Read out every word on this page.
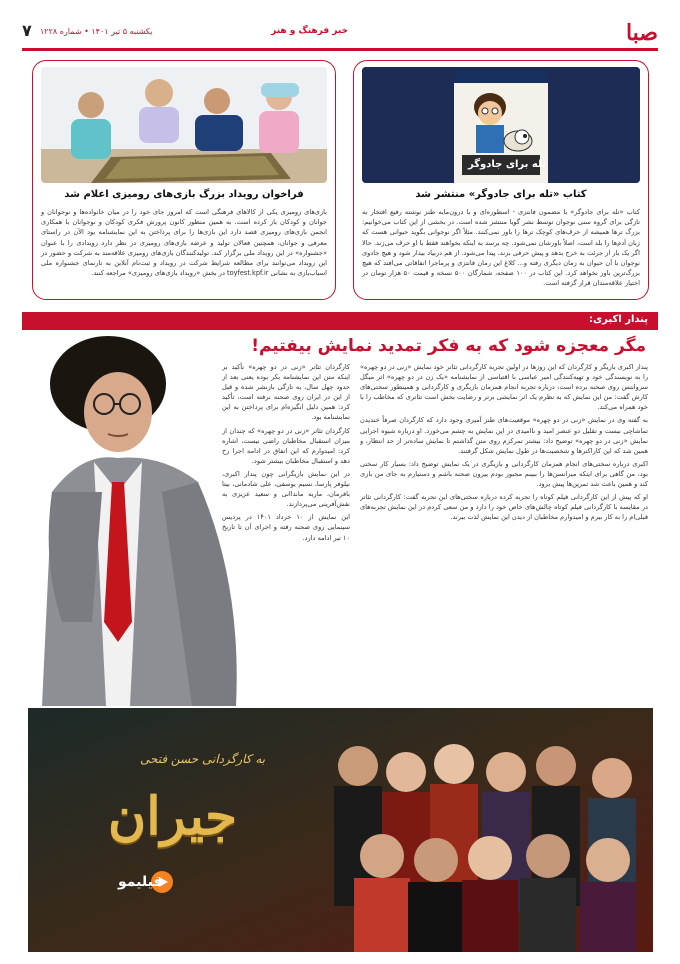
صبا
خبر فرهنگ و هنر
یکشنبه ۵ تیر ۱۴۰۱ • شماره ۱۲۲۸
۷
تله برای جادوگر
کتاب «تله برای جادوگر» منتشر شد
کتاب «تله برای جادوگر» با مضمون فانتزی - اسطوره‌ای و با درون‌مایه طنز نوشته رفیع افتخار به تازگی برای گروه سنی نوجوان توسط نشر گویا منتشر شده است. در بخشی از این کتاب می‌خوانیم: بزرگ ترها همیشه از حرف‌های کوچک ترها را باور نمی‌کنند. مثلاً اگر نوجوانی بگوید حیوانی هست که زبان آدم‌ها را بلد است، اصلاً باورشان نمی‌شود. چه برسد به اینکه بخواهند فقط با او حرف می‌زند. حالا اگر یک بار از جرئت به خرج بدهد و پیش حرفی بزند، پیدا می‌شود. از هم دربیاد بیدار شود و هیچ جادوی نوجوان با آن حیوان به زمان دیگری رفته و... کلاغ این رمان فانتزی و پرماجرا اتفاقاتی می‌افتد که هیچ بزرگ‌ترین باور نخواهد کرد. این کتاب در ۱۰۰ صفحه، شمارگان ۵۰۰ نسخه و قیمت ۵۰ هزار تومان در اختیار علاقه‌مندان قرار گرفته است.
فراخوان رویداد بزرگ بازی‌های رومیزی اعلام شد
بازی‌های رومیزی یکی از کالاهای فرهنگی است که امروز جای خود را در میان خانواده‌ها و نوجوانان و جوانان و کودکان باز کرده است. به همین منظور کانون پرورش فکری کودکان و نوجوانان با همکاری انجمن بازی‌های رومیزی قصد دارد این بازی‌ها را برای پرداختن به این نمایشنامه بود الآن در راستای معرفی و جوانان، همچنین فعالان تولید و عرضه بازی‌های رومیزی در نظر دارد رویدادی را با عنوان «جشنواره» در این رویداد ملی برگزار کند. تولیدکنندگان بازی‌های رومیزی علاقه‌مند به شرکت و حضور در این رویداد می‌توانند برای مطالعه شرایط شرکت در رویداد و ثبت‌نام آنلاین به تارنمای جشنواره ملی اسباب‌بازی به نشانی toyfest.kpf.ir در بخش «رویداد بازی‌های رومیزی» مراجعه کنند.
پندار اکبری:
مگر معجزه شود که به فکر تمدید نمایش بیفتیم!

پندار اکبری بازیگر و کارگردان که این روزها در اولین تجربه کارگردانی تئاتر خود نمایش «زنی در دو چهره» را به نویسندگی خود و تهیه‌کنندگی امیر عباسی با اقتباسی از نمایشنامه «یک زن در دو چهره» اثر میگل سروانتس روی صحنه برده است، درباره تجربه انجام همزمان بازیگری و کارگردانی و همینطور سختی‌های کارش گفت: من این نمایش که به نظرم یک اثر نمایشی برتر و رضایت بخش است تئاتری که مخاطب را با خود همراه می‌کند.

به گفته وی در نمایش «زنی در دو چهره» موقعیت‌های طنز آمیزی وجود دارد که کارگردان صرفاً خندیدن تماشاچی نیست و تقلیل دو عنصر امید و ناامیدی در این نمایش به چشم می‌خورد. او درباره شیوه اجرایی نمایش «زنی در دو چهره» توضیح داد: بیشتر تمرکزم روی متن گذاشتم تا نمایش ساده‌تر از حد انتظار، و همین شد که این کاراکترها و شخصیت‌ها در طول نمایش شکل گرفتند.

اکبری درباره سختی‌های انجام همزمان کارگردانی و بازیگری در یک نمایش توضیح داد: بسیار کار سختی بود، من گاهی برای اینکه میزانسن‌ها را ببینم مجبور بودم بیرون صحنه باشم و دستیارم به جای من بازی کند و همین باعث شد تمرین‌ها پیش برود.

او که پیش از این کارگردانی فیلم کوتاه را تجربه کرده درباره سختی‌های این تجربه گفت: کارگردانی تئاتر در مقایسه با کارگردانی فیلم کوتاه چالش‌های خاص خود را دارد و من سعی کردم در این نمایش تجربه‌های قبلی‌ام را به کار ببرم و امیدوارم مخاطبان از دیدن این نمایش لذت ببرند.

کارگردان تئاتر «زنی در دو چهره» تأکید بر اینکه متن این نمایشنامه بکر بوده یعنی بعد از حدود چهل سال، به تازگی بازنشر شده و قبل از این در ایران روی صحنه نرفته است، تأکید کرد: همین دلیل انگیزه‌ام برای پرداختن به این نمایشنامه بود.

کارگردان تئاتر «زنی در دو چهره» که چندان از میزان استقبال مخاطبان راضی نیست، اشاره کرد: امیدوارم که این اتفاق در ادامه اجرا رخ دهد و استقبال مخاطبان بیشتر شود.

در این نمایش بازیگرانی چون پندار اکبری، نیلوفر پارسا، نسیم یوسفی، علی شادمانی، بیتا بافرمان، ماریه مانداانی و سعید عزیزی به نقش‌آفرینی می‌پردازند.

این نمایش از ۱۰ خرداد ۱۴۰۱ در پردیس سینمایی روی صحنه رفته و اجرای آن تا تاریخ ۱۰ تیر ادامه دارد.

به کارگردانی حسن فتحی
جیران
فیلیمو
